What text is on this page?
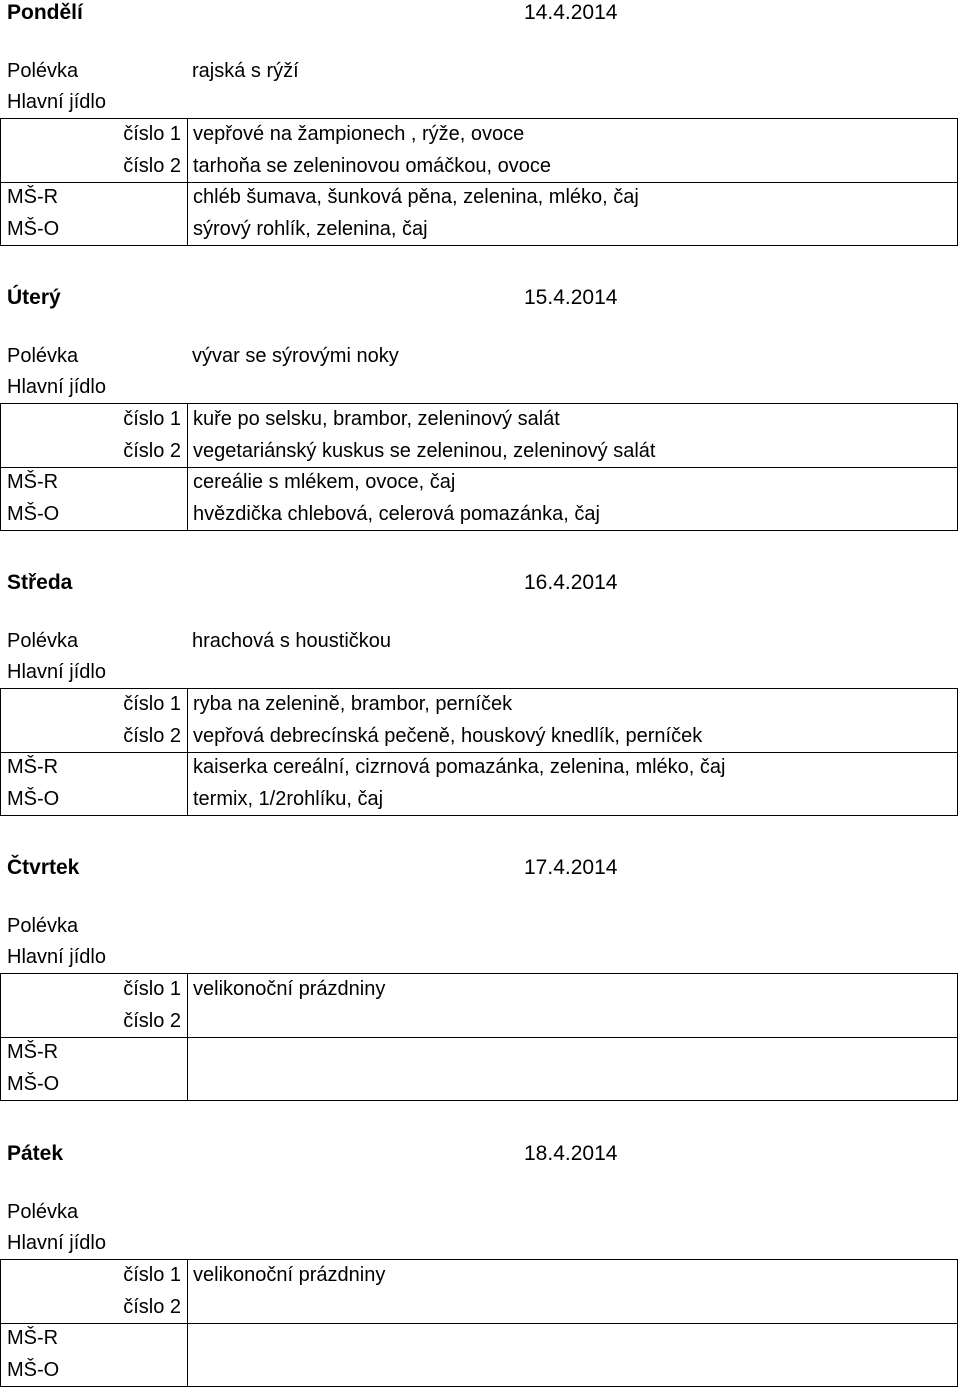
Pondělí	14.4.2014
Polévka	rajská s rýží
Hlavní jídlo
číslo 1 vepřové na žampionech , rýže, ovoce
číslo 2 tarhoňa se zeleninovou omáčkou, ovoce
MŠ-R	chléb šumava, šunková pěna, zelenina, mléko, čaj
MŠ-O	sýrový rohlík, zelenina, čaj
Úterý	15.4.2014
Polévka	vývar se sýrovými noky
Hlavní jídlo
číslo 1 kuře po selsku, brambor, zeleninový salát
číslo 2 vegetariánský kuskus se zeleninou, zeleninový salát
MŠ-R	cereálie s mlékem, ovoce, čaj
MŠ-O	hvězdička chlebová, celerová pomazánka, čaj
Středa	16.4.2014
Polévka	hrachová s houstičkou
Hlavní jídlo
číslo 1 ryba na zelenině, brambor, perníček
číslo 2 vepřová debrecínská pečeně, houskový knedlík, perníček
MŠ-R	kaiserka cereální, cizrnová pomazánka, zelenina, mléko, čaj
MŠ-O	termix, 1/2rohlíku, čaj
Čtvrtek	17.4.2014
Polévka
Hlavní jídlo
číslo 1 velikonoční prázdniny
číslo 2
MŠ-R
MŠ-O
Pátek	18.4.2014
Polévka
Hlavní jídlo
číslo 1 velikonoční prázdniny
číslo 2
MŠ-R
MŠ-O
